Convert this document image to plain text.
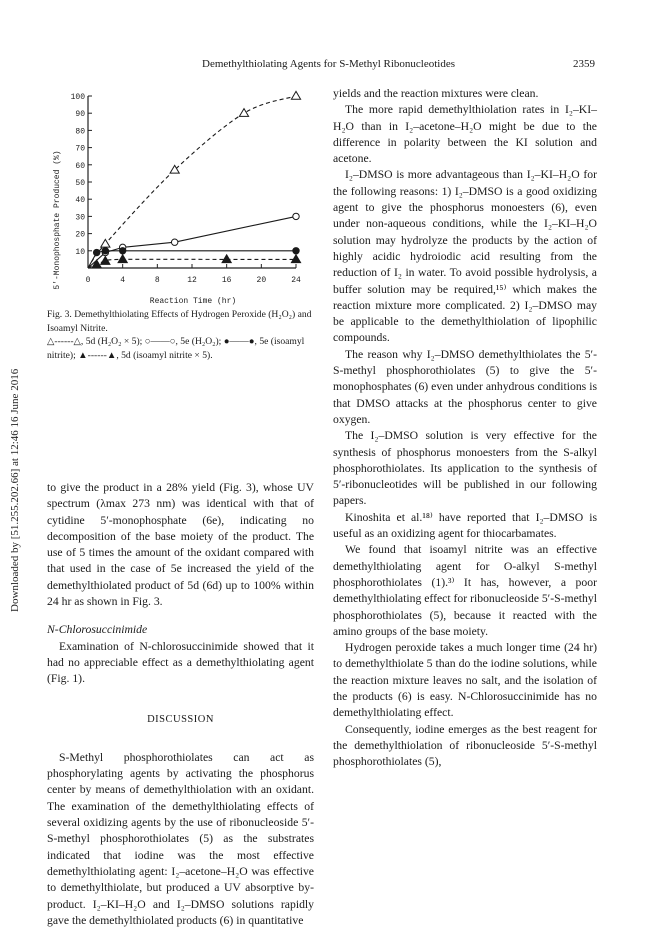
Demethylthiolating Agents for S-Methyl Ribonucleotides	2359
Downloaded by [51.255.202.66] at 12:46 16 June 2016
10
20
30
40
50
60
70
80
90
100
0	4	8	12	16	20	24
5'-Monophosphate Produced (%)
Reaction Time (hr)

Fig. 3. Demethylthiolating Effects of Hydrogen Peroxide (H₂O₂) and Isoamyl Nitrite.

△------△, 5d (H₂O₂ × 5); ○——○, 5e (H₂O₂); ●——●, 5e (isoamyl nitrite); ▲------▲, 5d (isoamyl nitrite × 5).

to give the product in a 28% yield (Fig. 3), whose UV spectrum (λmax 273 nm) was identical with that of cytidine 5′-monophosphate (6e), indicating no decomposition of the base moiety of the product. The use of 5 times the amount of the oxidant compared with that used in the case of 5e increased the yield of the demethylthiolated product of 5d (6d) up to 100% within 24 hr as shown in Fig. 3.

N-Chlorosuccinimide

Examination of N-chlorosuccinimide showed that it had no appreciable effect as a demethylthiolating agent (Fig. 1).

DISCUSSION

S-Methyl phosphorothiolates can act as phosphorylating agents by activating the phosphorus center by means of demethylthiolation with an oxidant. The examination of the demethylthiolating effects of several oxidizing agents by the use of ribonucleoside 5′-S-methyl phosphorothiolates (5) as the substrates indicated that iodine was the most effective demethylthiolating agent: I₂–acetone–H₂O was effective to demethylthiolate, but produced a UV absorptive by-product. I₂–KI–H₂O and I₂–DMSO solutions rapidly gave the demethylthiolated products (6) in quantitative

yields and the reaction mixtures were clean.

The more rapid demethylthiolation rates in I₂–KI–H₂O than in I₂–acetone–H₂O might be due to the difference in polarity between the KI solution and acetone.

I₂–DMSO is more advantageous than I₂–KI–H₂O for the following reasons: 1) I₂–DMSO is a good oxidizing agent to give the phosphorus monoesters (6), even under non-aqueous conditions, while the I₂–KI–H₂O solution may hydrolyze the products by the action of highly acidic hydroiodic acid resulting from the reduction of I₂ in water. To avoid possible hydrolysis, a buffer solution may be required,¹⁵⁾ which makes the reaction mixture more complicated. 2) I₂–DMSO may be applicable to the demethylthiolation of lipophilic compounds.

The reason why I₂–DMSO demethylthiolates the 5′-S-methyl phosphorothiolates (5) to give the 5′-monophosphates (6) even under anhydrous conditions is that DMSO attacks at the phosphorus center to give oxygen.

The I₂–DMSO solution is very effective for the synthesis of phosphorus monoesters from the S-alkyl phosphorothiolates. Its application to the synthesis of 5′-ribonucleotides will be published in our following papers.

Kinoshita et al.¹⁸⁾ have reported that I₂–DMSO is useful as an oxidizing agent for thiocarbamates.

We found that isoamyl nitrite was an effective demethylthiolating agent for O-alkyl S-methyl phosphorothiolates (1).³⁾ It has, however, a poor demethylthiolating effect for ribonucleoside 5′-S-methyl phosphorothiolates (5), because it reacted with the amino groups of the base moiety.

Hydrogen peroxide takes a much longer time (24 hr) to demethylthiolate 5 than do the iodine solutions, while the reaction mixture leaves no salt, and the isolation of the products (6) is easy. N-Chlorosuccinimide has no demethylthiolating effect.

Consequently, iodine emerges as the best reagent for the demethylthiolation of ribonucleoside 5′-S-methyl phosphorothiolates (5),
